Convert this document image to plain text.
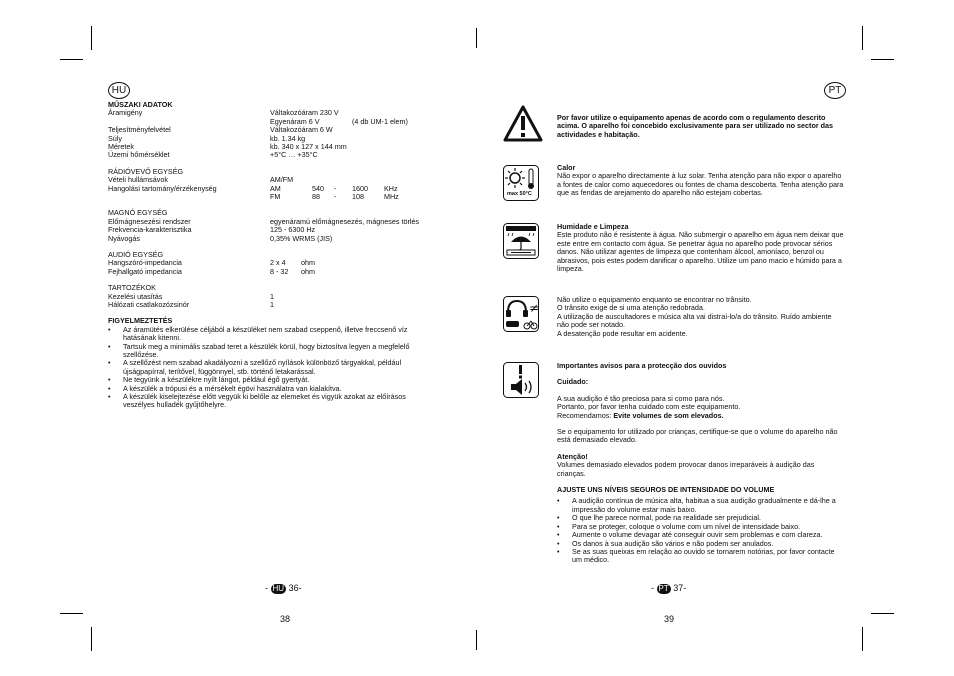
HU
MŰSZAKI ADATOK
Áramigény	Váltakozóáram 230 V
Egyenáram 6 V	(4 db UM-1 elem)
Teljesítményfelvétel	Váltakozóáram 6 W
Súly	kb. 1.34 kg
Méretek	kb. 340 x 127 x 144 mm
Üzemi hőmérséklet	+5°C … +35°C
RÁDIÓVEVŐ EGYSÉG
Vételi hullámsávok	AM/FM
Hangolási tartomány/érzékenység	AM	540 - 1600 KHz
FM	88 - 108	MHz
MAGNÓ EGYSÉG
Előmágnesezési rendszer	egyenáramú előmágnesezés, mágneses törlés
Frekvencia-karakterisztika	125 - 6300 Hz
Nyávogás	0,35% WRMS (JIS)
AUDIÓ EGYSÉG
Hangszóró-impedancia	2 x 4 ohm
Fejhallgató impedancia	8 - 32 ohm
TARTOZÉKOK
Kezelési utasítás	1
Hálózati csatlakozózsinór	1
FIGYELMEZTETÉS
• Az áramütés elkerülése céljából a készüléket nem szabad cseppenő, illetve freccsenő víz hatásának kitenni.
• Tartsuk meg a minimális szabad teret a készülék körül, hogy biztosítva legyen a megfelelő szellőzése.
• A szellőzést nem szabad akadályozni a szellőző nyílások különböző tárgyakkal, például újságpapírral, terítővel, függönnyel, stb. történő letakarással.
• Ne tegyünk a készülékre nyílt lángot, például égő gyertyát.
• A készülék a trópusi és a mérsékelt égövi használatra van kialakítva.
• A készülék kiselejtezése előtt vegyük ki belőle az elemeket és vigyük azokat az előírásos veszélyes hulladék gyűjtőhelyre.
- HU 36-
38
PT
Por favor utilize o equipamento apenas de acordo com o regulamento descrito acima. O aparelho foi concebido exclusivamente para ser utilizado no sector das actividades e habitação.
max 50°C
Calor
Não expor o aparelho directamente à luz solar. Tenha atenção para não expor o aparelho a fontes de calor como aquecedores ou fontes de chama descoberta. Tenha atenção para que as fendas de arejamento do aparelho não estejam cobertas.
Humidade e Limpeza
Este produto não é resistente à água. Não submergir o aparelho em água nem deixar que este entre em contacto com água. Se penetrar água no aparelho pode provocar sérios danos. Não utilizar agentes de limpeza que contenham álcool, amoníaco, benzol ou abrasivos, pois estes podem danificar o aparelho. Utilize um pano macio e húmido para a limpeza.
≠
Não utilize o equipamento enquanto se encontrar no trânsito.
O trânsito exige de si uma atenção redobrada.
A utilização de auscultadores e música alta vai distraí-lo/a do trânsito. Ruído ambiente não pode ser notado.
A desatenção pode resultar em acidente.
Importantes avisos para a protecção dos ouvidos
Cuidado:
A sua audição é tão preciosa para si como para nós.
Portanto, por favor tenha cuidado com este equipamento.
Recomendamos: Evite volumes de som elevados.
Se o equipamento for utilizado por crianças, certifique-se que o volume do aparelho não está demasiado elevado.
Atenção!
Volumes demasiado elevados podem provocar danos irreparáveis à audição das crianças.
AJUSTE UNS NÍVEIS SEGUROS DE INTENSIDADE DO VOLUME
• A audição contínua de música alta, habitua a sua audição gradualmente e dá-lhe a impressão do volume estar mais baixo.
• O que lhe parece normal, pode na realidade ser prejudicial.
• Para se proteger, coloque o volume com um nível de intensidade baixo.
• Aumente o volume devagar até conseguir ouvir sem problemas e com clareza.
• Os danos à sua audição são vários e não podem ser anulados.
• Se as suas queixas em relação ao ouvido se tornarem notórias, por favor contacte um médico.
- PT 37-
39
